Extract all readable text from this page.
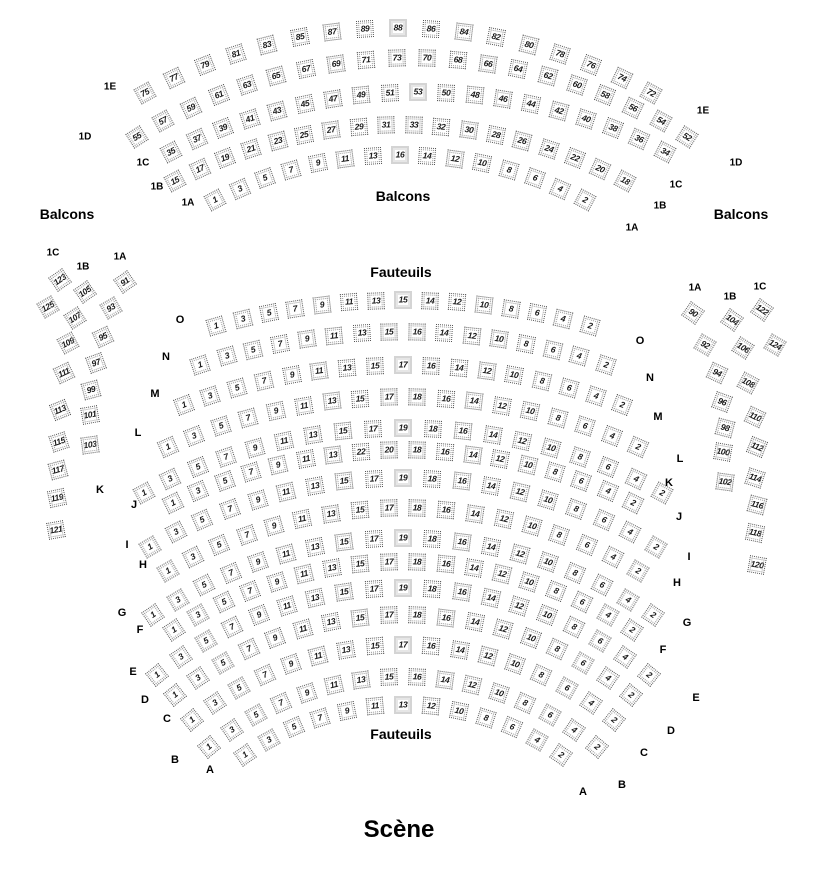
Balcons
Balcons
Balcons
Fauteuils
Fauteuils
Scène
1
3
5 7 9 11 13 15 14 12 10 8 6
4
2
O
O
1
3
5
7 9 11 13 15 16 14 12 10 8
6
4
2
N
N
1
3
5
7
9 11 13 15 17 16 14 12 10
8
6
4
2
M
M
1
3
5
7
9 11 13 15 17 18 16 14 12 10
8
6
4
2
L
L
1
3
5
7
9
11 13 15 17 19 18 16 14 12
10
8
6
4
2
K
K
1
3
5
7
9
11 13 22 20 18 16 14 12
10
8
6
4
2
J
J
1
3
5
7
9
11
13 15 17 19 18 16 14
12
10
8
6
4
2
I
I
1
3
5
7
9
11 13 15 17 18 16 14 12
10
8
6
4
2
H
H
1
3
5
7
9
11
13 15 17 19 18 16 14
12
10
8
6
4
2
G
G
1
3
5
7
9
11 13 15 17 18 16 14 12
10
8
6
4
2
F
F
1
3
5
7
9
11
13 15 17 19 18 16 14
12
10
8
6
4
2
E
E
1
3
5
7
9
11
13 15 17 18 16 14
12
10
8
6
4
2
D
D
1
3
5
7
9
11
13 15 17 16 14
12
10
8
6
4
2
C
C
1
3
5
7
9
11 13 15 16 14 12
10
8
6
4
2
B
B
1
3
5
7
9 11 13 12 10
8
6
4
2
A
A
75
77
79
81
83
85	87	89	88	86	84	82
80
78
76
74
72
1E
1E
55
57
59
61
63
65
67 69 71 73	70 68 66 64
62
60
58
56
54
52
1D
1D
35
37
39
41
43
45 47 49 51 53 50 48 46 44
42
40
38
36
34
1C
1C
15
17
19
21
23
25 27 29 31 33 32 30 28
26
24
22
20
18
1B
1B
1
3
5
7
9 11 13 16 14 12 10
8
6
4
2
1A
1A
1C
123
125
1B
105
107
109
111
113
115
117
119
121
1A
91
93
95
97
99
101
103
1A
90
92
94
96
98
100
102
1B
104
106
108
110
112
114
116
118
120
1C
122
124
